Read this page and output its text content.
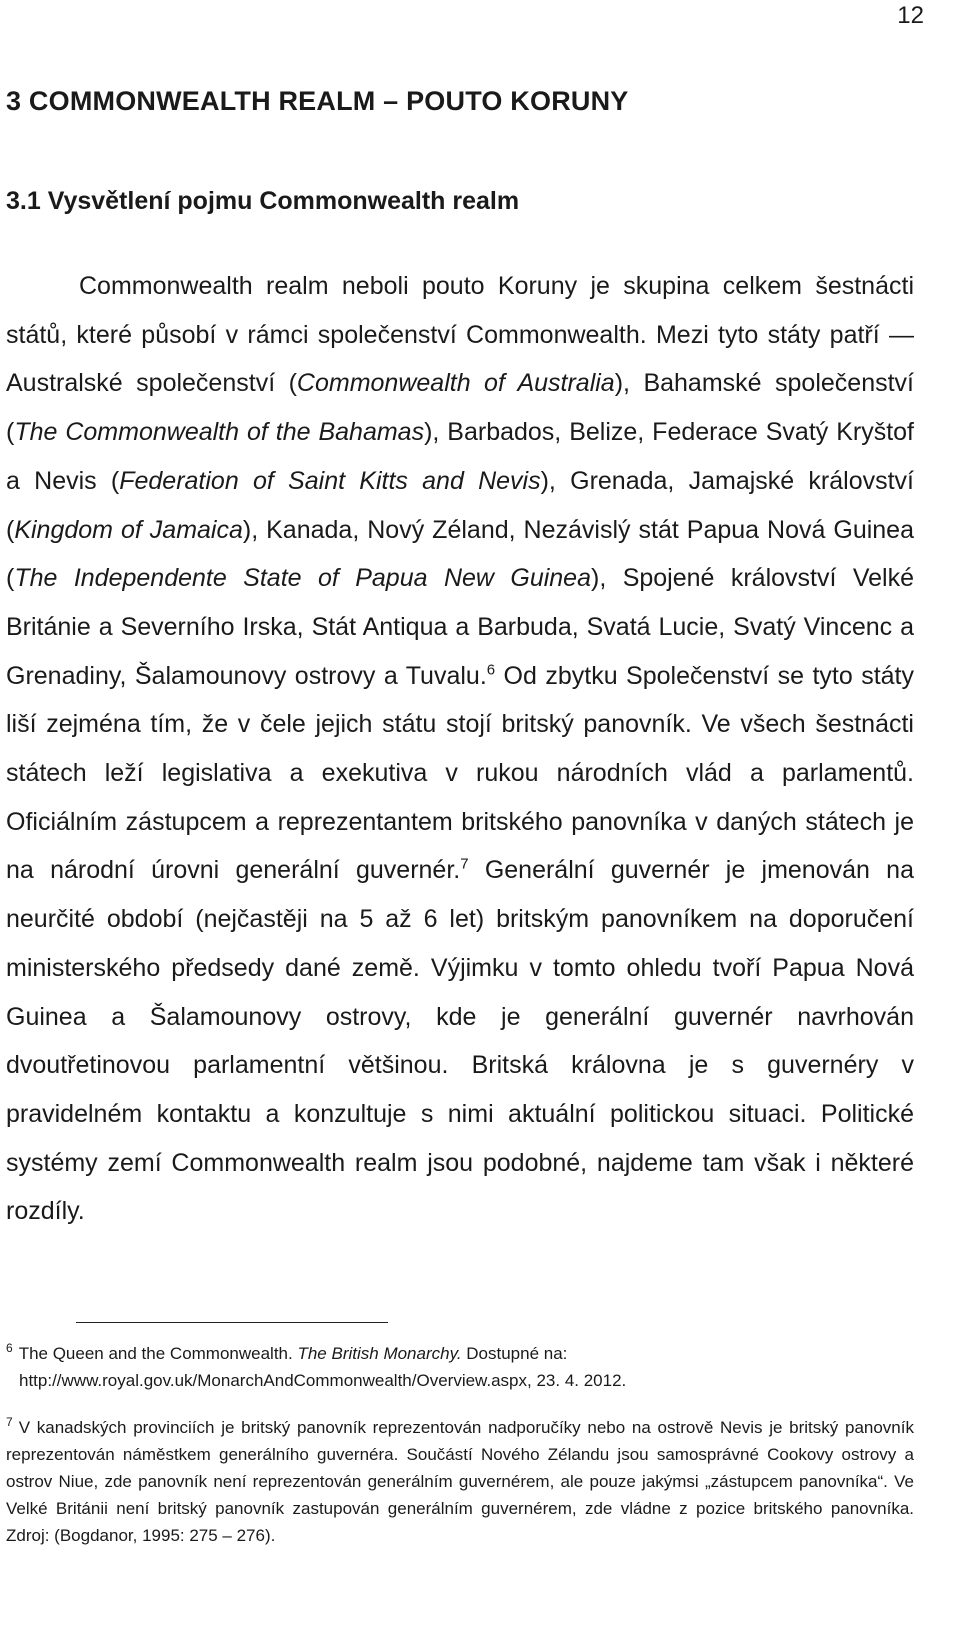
12
3 COMMONWEALTH REALM – POUTO KORUNY
3.1 Vysvětlení pojmu Commonwealth realm

Commonwealth realm neboli pouto Koruny je skupina celkem šestnácti států, které působí v rámci společenství Commonwealth. Mezi tyto státy patří — Australské společenství (Commonwealth of Australia), Bahamské společenství (The Commonwealth of the Bahamas), Barbados, Belize, Federace Svatý Kryštof a Nevis (Federation of Saint Kitts and Nevis), Grenada, Jamajské království (Kingdom of Jamaica), Kanada, Nový Zéland, Nezávislý stát Papua Nová Guinea (The Independente State of Papua New Guinea), Spojené království Velké Británie a Severního Irska, Stát Antiqua a Barbuda, Svatá Lucie, Svatý Vincenc a Grenadiny, Šalamounovy ostrovy a Tuvalu.$^6$ Od zbytku Společenství se tyto státy liší zejména tím, že v čele jejich státu stojí britský panovník. Ve všech šestnácti státech leží legislativa a exekutiva v rukou národních vlád a parlamentů. Oficiálním zástupcem a reprezentantem britského panovníka v daných státech je na národní úrovni generální guvernér.$^7$ Generální guvernér je jmenován na neurčité období (nejčastěji na 5 až 6 let) britským panovníkem na doporučení ministerského předsedy dané země. Výjimku v tomto ohledu tvoří Papua Nová Guinea a Šalamounovy ostrovy, kde je generální guvernér navrhován dvoutřetinovou parlamentní většinou. Britská královna je s guvernéry v pravidelném kontaktu a konzultuje s nimi aktuální politickou situaci. Politické systémy zemí Commonwealth realm jsou podobné, najdeme tam však i některé rozdíly.

$^6$ The Queen and the Commonwealth. The British Monarchy. Dostupné na:
http://www.royal.gov.uk/MonarchAndCommonwealth/Overview.aspx, 23. 4. 2012.

$^7$ V kanadských provinciích je britský panovník reprezentován nadporučíky nebo na ostrově Nevis je britský panovník reprezentován náměstkem generálního guvernéra. Součástí Nového Zélandu jsou samosprávné Cookovy ostrovy a ostrov Niue, zde panovník není reprezentován generálním guvernérem, ale pouze jakýmsi „zástupcem panovníka“. Ve Velké Británii není britský panovník zastupován generálním guvernérem, zde vládne z pozice britského panovníka. Zdroj: (Bogdanor, 1995: 275 – 276).
